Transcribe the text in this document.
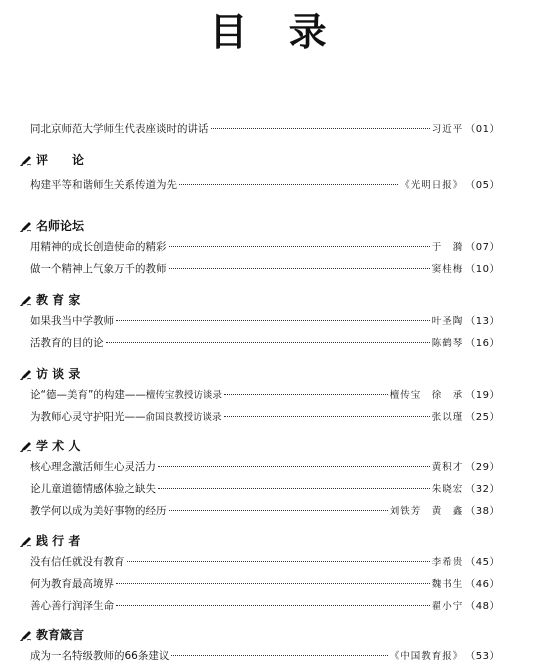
目 录
同北京师范大学师生代表座谈时的讲话	习近平 （01）
评　　论
构建平等和谐师生关系传道为先	《光明日报》 （05）
名师论坛
用精神的成长创造使命的精彩	于　漪 （07）
做一个精神上气象万千的教师	窦桂梅 （10）
教 育 家
如果我当中学教师	叶圣陶 （13）
活教育的目的论	陈鹤琴 （16）
访 谈 录
论“德—美育”的构建—— 檀传宝教授访谈录	檀传宝　徐　承 （19）
为教师心灵守护阳光—— 俞国良教授访谈录	张以瑾 （25）
学 术 人
核心理念激活师生心灵活力	黄积才 （29）
论儿童道德情感体验之缺失	朱晓宏 （32）
教学何以成为美好事物的经历	刘铁芳　黄　鑫 （38）
践 行 者
没有信任就没有教育	李希贵 （45）
何为教育最高境界	魏书生 （46）
善心善行润泽生命	翟小宁 （48）
教育箴言
成为一名特级教师的66条建议	《中国教育报》 （53）
